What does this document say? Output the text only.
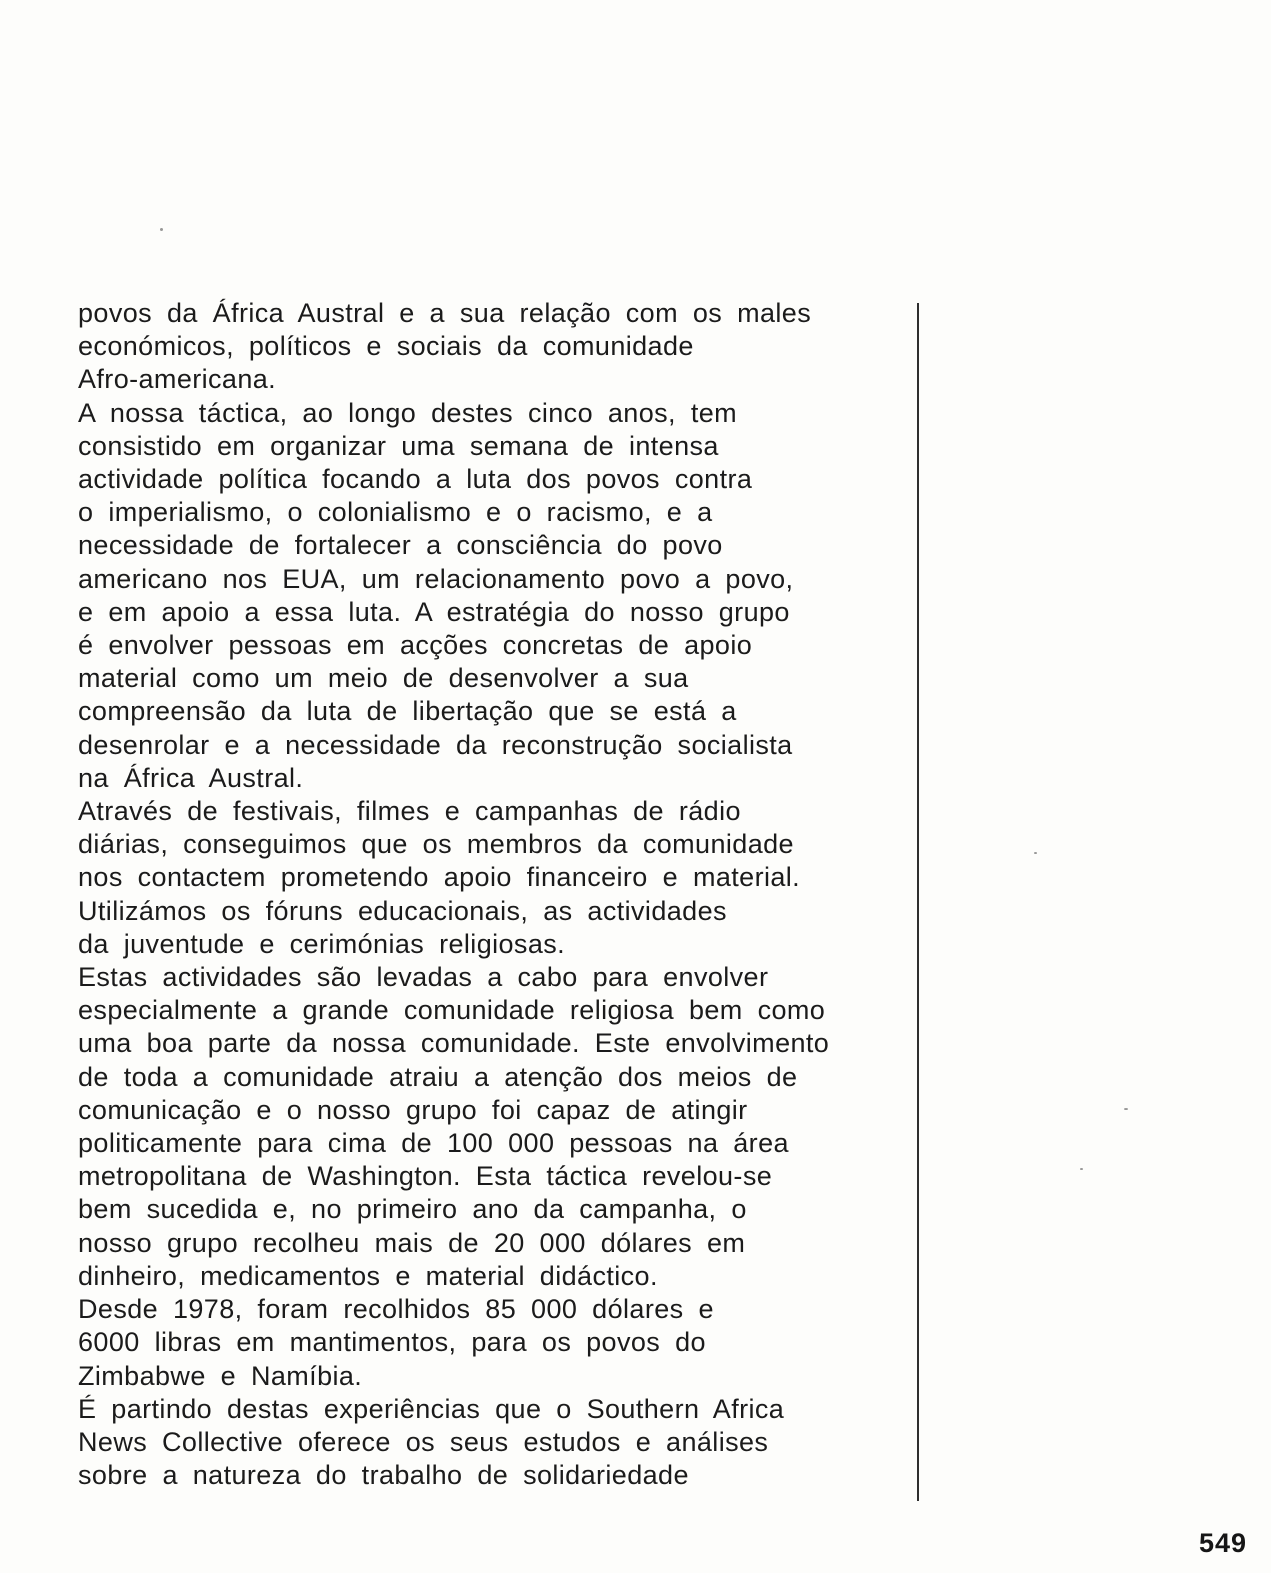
povos da África Austral e a sua relação com os males
económicos, políticos e sociais da comunidade
Afro-americana.
A nossa táctica, ao longo destes cinco anos, tem
consistido em organizar uma semana de intensa
actividade política focando a luta dos povos contra
o imperialismo, o colonialismo e o racismo, e a
necessidade de fortalecer a consciência do povo
americano nos EUA, um relacionamento povo a povo,
e em apoio a essa luta. A estratégia do nosso grupo
é envolver pessoas em acções concretas de apoio
material como um meio de desenvolver a sua
compreensão da luta de libertação que se está a
desenrolar e a necessidade da reconstrução socialista
na África Austral.
Através de festivais, filmes e campanhas de rádio
diárias, conseguimos que os membros da comunidade
nos contactem prometendo apoio financeiro e material.
Utilizámos os fóruns educacionais, as actividades
da juventude e cerimónias religiosas.
Estas actividades são levadas a cabo para envolver
especialmente a grande comunidade religiosa bem como
uma boa parte da nossa comunidade. Este envolvimento
de toda a comunidade atraiu a atenção dos meios de
comunicação e o nosso grupo foi capaz de atingir
politicamente para cima de 100 000 pessoas na área
metropolitana de Washington. Esta táctica revelou-se
bem sucedida e, no primeiro ano da campanha, o
nosso grupo recolheu mais de 20 000 dólares em
dinheiro, medicamentos e material didáctico.
Desde 1978, foram recolhidos 85 000 dólares e
6000 libras em mantimentos, para os povos do
Zimbabwe e Namíbia.
É partindo destas experiências que o Southern Africa
News Collective oferece os seus estudos e análises
sobre a natureza do trabalho de solidariedade
549
